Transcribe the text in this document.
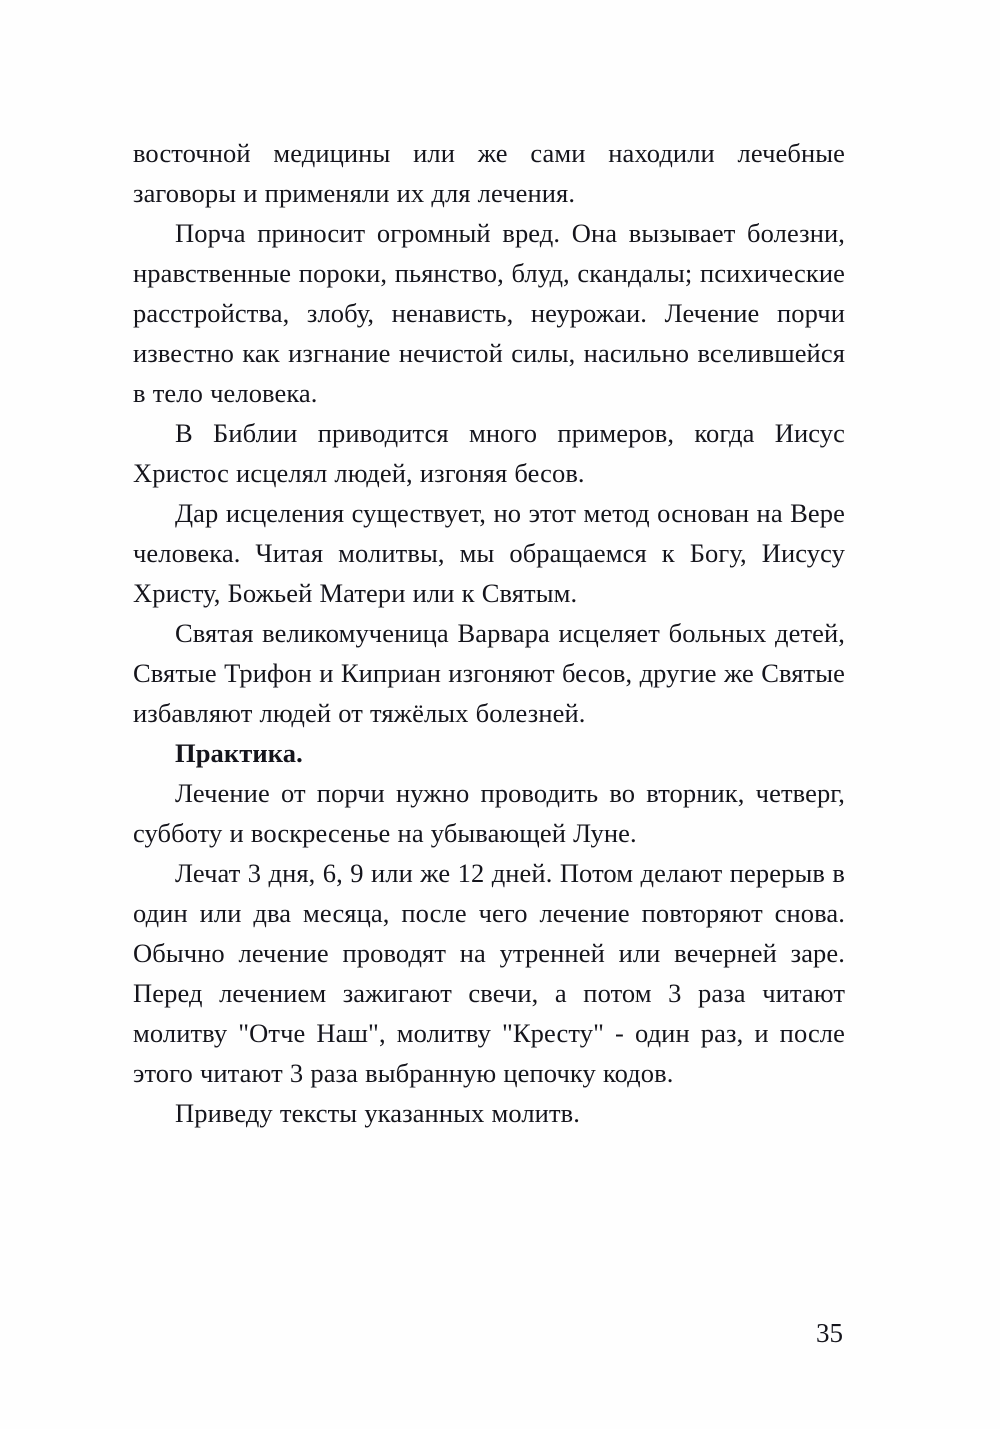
восточной медицины или же сами находили лечебные заговоры и применяли их для лечения.

Порча приносит огромный вред. Она вызывает болезни, нравственные пороки, пьянство, блуд, скандалы; психические расстройства, злобу, ненависть, неурожаи. Лечение порчи известно как изгнание нечистой силы, насильно вселившейся в тело человека.

В Библии приводится много примеров, когда Иисус Христос исцелял людей, изгоняя бесов.

Дар исцеления существует, но этот метод основан на Вере человека. Читая молитвы, мы обращаемся к Богу, Иисусу Христу, Божьей Матери или к Святым.

Святая великомученица Варвара исцеляет больных детей, Святые Трифон и Киприан изгоняют бесов, другие же Святые избавляют людей от тяжёлых болезней.

Практика.

Лечение от порчи нужно проводить во вторник, четверг, субботу и воскресенье на убывающей Луне.

Лечат 3 дня, 6, 9 или же 12 дней. Потом делают перерыв в один или два месяца, после чего лечение повторяют снова. Обычно лечение проводят на утренней или вечерней заре. Перед лечением зажигают свечи, а потом 3 раза читают молитву "Отче Наш", молитву "Кресту" - один раз, и после этого читают 3 раза выбранную цепочку кодов.

Приведу тексты указанных молитв.

35
